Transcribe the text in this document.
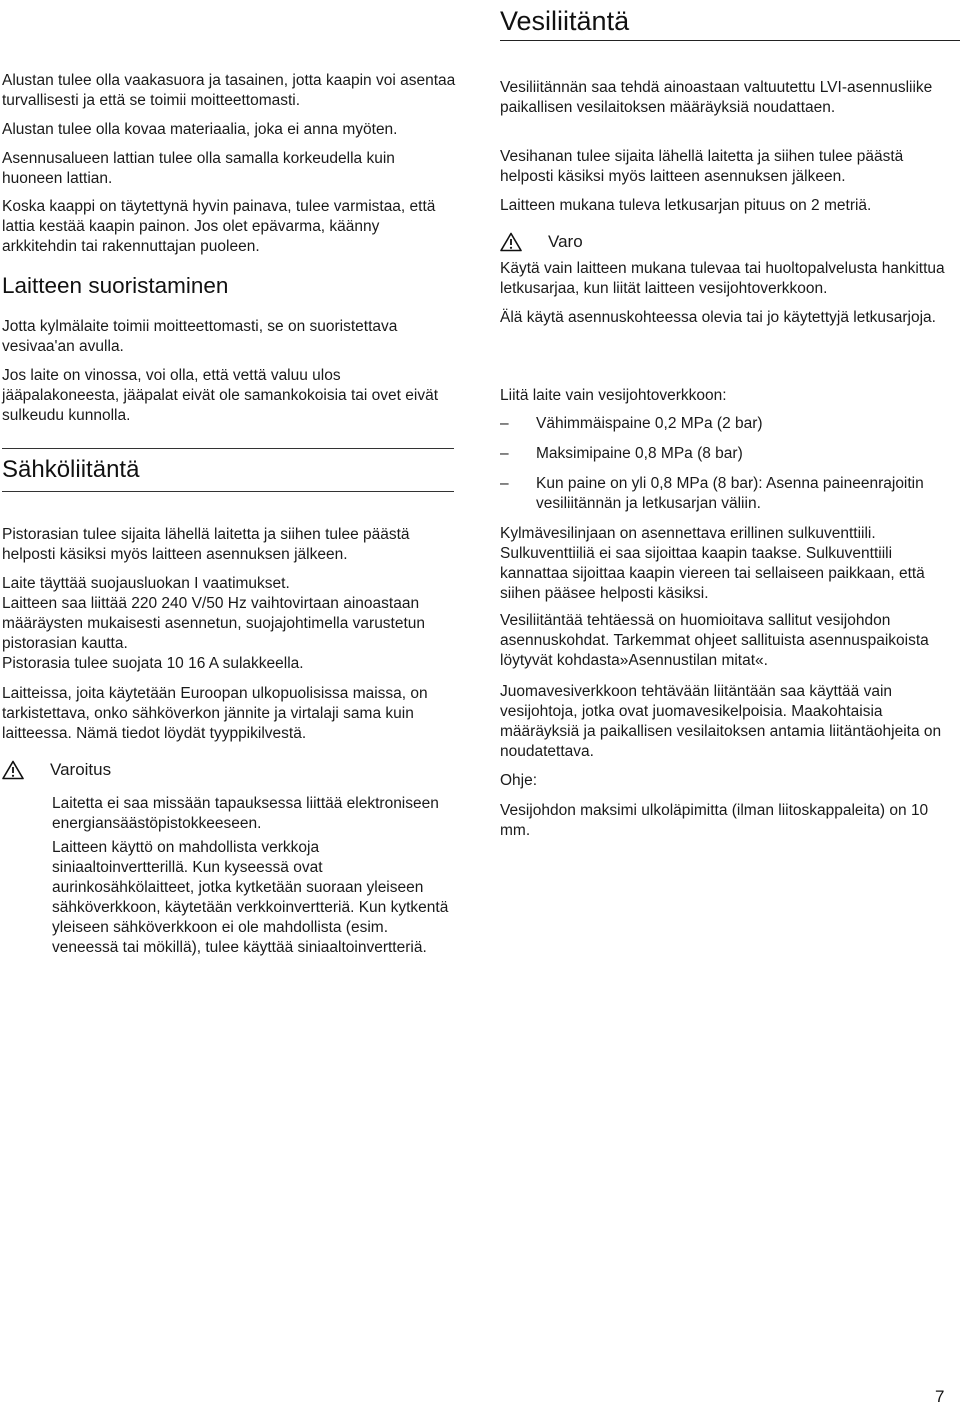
Vesiliitäntä

Alustan tulee olla vaakasuora ja tasainen, jotta kaapin voi asentaa turvallisesti ja että se toimii moitteettomasti.

Alustan tulee olla kovaa materiaalia, joka ei anna myöten.

Asennusalueen lattian tulee olla samalla korkeudella kuin huoneen lattian.

Koska kaappi on täytettynä hyvin painava, tulee varmistaa, että lattia kestää kaapin painon. Jos olet epävarma, käänny arkkitehdin tai rakennuttajan puoleen.

Laitteen suoristaminen

Jotta kylmälaite toimii moitteettomasti, se on suoristettava vesivaa'an avulla.

Jos laite on vinossa, voi olla, että vettä valuu ulos jääpalakoneesta, jääpalat eivät ole samankokoisia tai ovet eivät sulkeudu kunnolla.

Sähköliitäntä

Pistorasian tulee sijaita lähellä laitetta ja siihen tulee päästä helposti käsiksi myös laitteen asennuksen jälkeen.

Laite täyttää suojausluokan I vaatimukset.

Laitteen saa liittää 220 240 V/50 Hz vaihtovirtaan ainoastaan määräysten mukaisesti asennetun, suojajohtimella varustetun pistorasian kautta.

Pistorasia tulee suojata 10 16 A sulakkeella.

Laitteissa, joita käytetään Euroopan ulkopuolisissa maissa, on tarkistettava, onko sähköverkon jännite ja virtalaji sama kuin laitteessa. Nämä tiedot löydät tyyppikilvestä.

Varoitus

Laitetta ei saa missään tapauksessa liittää elektroniseen energiansäästöpistokkeeseen.

Laitteen käyttö on mahdollista verkkoja siniaaltoinvertterillä. Kun kyseessä ovat aurinkosähkölaitteet, jotka kytketään suoraan yleiseen sähköverkkoon, käytetään verkkoinvertteriä. Kun kytkentä yleiseen sähköverkkoon ei ole mahdollista (esim. veneessä tai mökillä), tulee käyttää siniaaltoinvertteriä.

Vesiliitännän saa tehdä ainoastaan valtuutettu LVI-asennusliike paikallisen vesilaitoksen määräyksiä noudattaen.

Vesihanan tulee sijaita lähellä laitetta ja siihen tulee päästä helposti käsiksi myös laitteen asennuksen jälkeen.

Laitteen mukana tuleva letkusarjan pituus on 2 metriä.

Varo

Käytä vain laitteen mukana tulevaa tai huoltopalvelusta hankittua letkusarjaa, kun liität laitteen vesijohtoverkkoon.

Älä käytä asennuskohteessa olevia tai jo käytettyjä letkusarjoja.

Liitä laite vain vesijohtoverkkoon:

– Vähimmäispaine 0,2 MPa (2 bar)
– Maksimipaine 0,8 MPa (8 bar)
– Kun paine on yli 0,8 MPa (8 bar): Asenna paineenrajoitin vesiliitännän ja letkusarjan väliin.

Kylmävesilinjaan on asennettava erillinen sulkuventtiili. Sulkuventtiiliä ei saa sijoittaa kaapin taakse. Sulkuventtiili kannattaa sijoittaa kaapin viereen tai sellaiseen paikkaan, että siihen pääsee helposti käsiksi.

Vesiliitäntää tehtäessä on huomioitava sallitut vesijohdon asennuskohdat. Tarkemmat ohjeet sallituista asennuspaikoista löytyvät kohdasta»Asennustilan mitat«.

Juomavesiverkkoon tehtävään liitäntään saa käyttää vain vesijohtoja, jotka ovat juomavesikelpoisia. Maakohtaisia määräyksiä ja paikallisen vesilaitoksen antamia liitäntäohjeita on noudatettava.

Ohje:

Vesijohdon maksimi ulkoläpimitta (ilman liitoskappaleita) on 10 mm.

7
